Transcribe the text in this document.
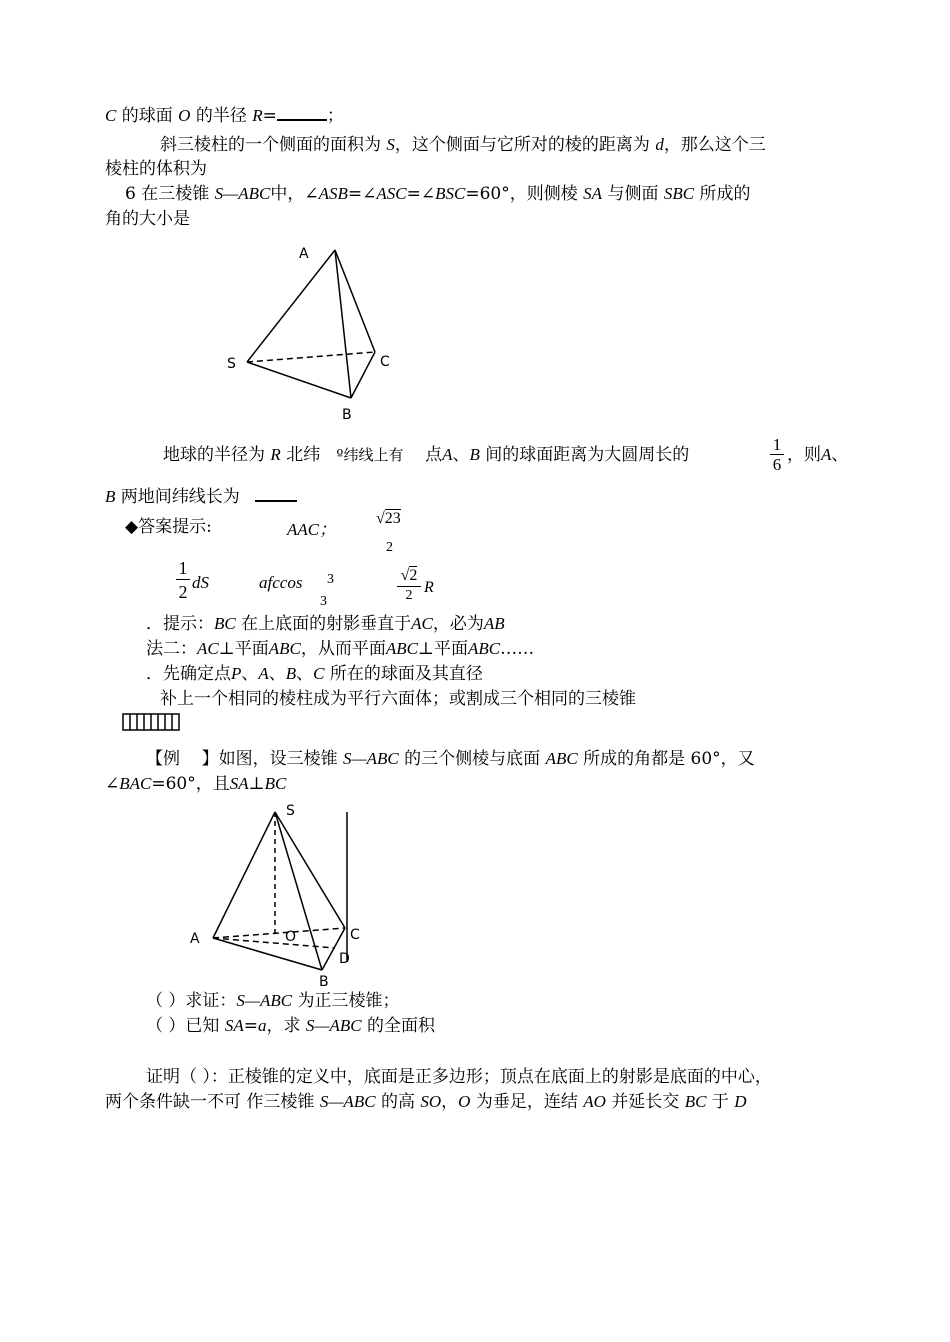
C 的球面 O 的半径 R=	；
斜三棱柱的一个侧面的面积为 S，这个侧面与它所对的棱的距离为 d，那么这个三
棱柱的体积为
6 在三棱锥 S—ABC中，∠ASB=∠ASC=∠BSC=60°，则侧棱 SA 与侧面 SBC 所成的
角的大小是
A
S	C
B
地球的半径为 R 北纬 º纬线上有 点A、B 间的球面距离为大圆周长的	$\frac{1}{6}$ ，则A、
B 两地间纬线长为
◆答案提示:	AAC；
√23
2
$\frac{1}{2}$ dS	afccos 3
3	$\frac{√2}{2}$ R
．提示：BC 在上底面的射影垂直于AC，必为AB
法二：AC⊥平面ABC，从而平面ABC⊥平面ABC……
．先确定点P、A、B、C 所在的球面及其直径
补上一个相同的棱柱成为平行六面体；或割成三个相同的三棱锥
【例 】如图，设三棱锥 S—ABC 的三个侧棱与底面 ABC 所成的角都是 60°，又
∠BAC=60°，且SA⊥BC
S
A	O	C
D
B
（ ）求证：S—ABC 为正三棱锥；
（ ）已知 SA=a，求 S—ABC 的全面积
证明（ ）：正棱锥的定义中，底面是正多边形；顶点在底面上的射影是底面的中心，
两个条件缺一不可 作三棱锥 S—ABC 的高 SO，O 为垂足，连结 AO 并延长交 BC 于 D
